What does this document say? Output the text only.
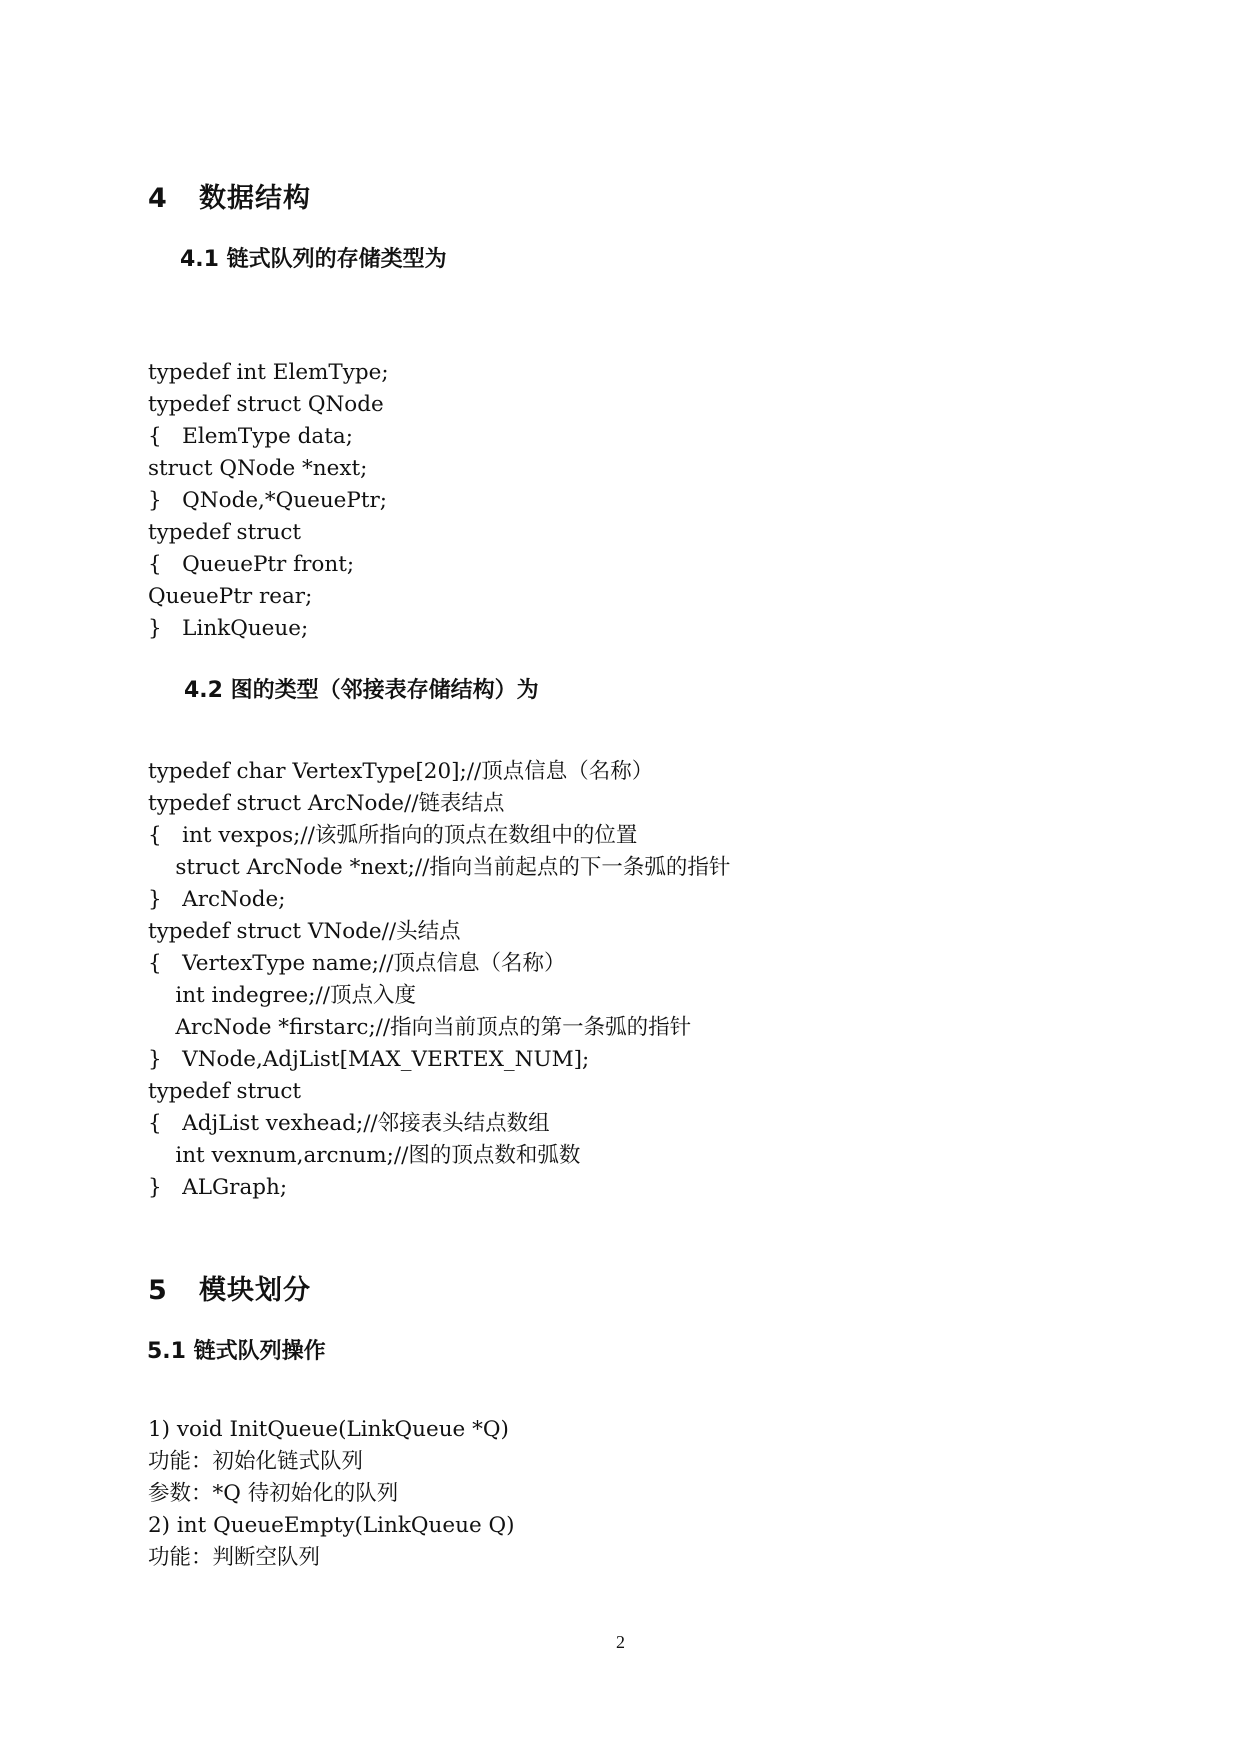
4   数据结构
4.1 链式队列的存储类型为
typedef int ElemType;
typedef struct QNode
{   ElemType data;
struct QNode *next;
}   QNode,*QueuePtr;
typedef struct
{   QueuePtr front;
QueuePtr rear;
}   LinkQueue;
4.2 图的类型（邻接表存储结构）为
typedef char VertexType[20];//顶点信息（名称）
typedef struct ArcNode//链表结点
{   int vexpos;//该弧所指向的顶点在数组中的位置
struct ArcNode *next;//指向当前起点的下一条弧的指针
}   ArcNode;
typedef struct VNode//头结点
{   VertexType name;//顶点信息（名称）
int indegree;//顶点入度
ArcNode *firstarc;//指向当前顶点的第一条弧的指针
}   VNode,AdjList[MAX_VERTEX_NUM];
typedef struct
{   AdjList vexhead;//邻接表头结点数组
int vexnum,arcnum;//图的顶点数和弧数
}   ALGraph;
5   模块划分
5.1 链式队列操作
1) void InitQueue(LinkQueue *Q)
功能：初始化链式队列
参数：*Q 待初始化的队列
2) int QueueEmpty(LinkQueue Q)
功能：判断空队列
2
